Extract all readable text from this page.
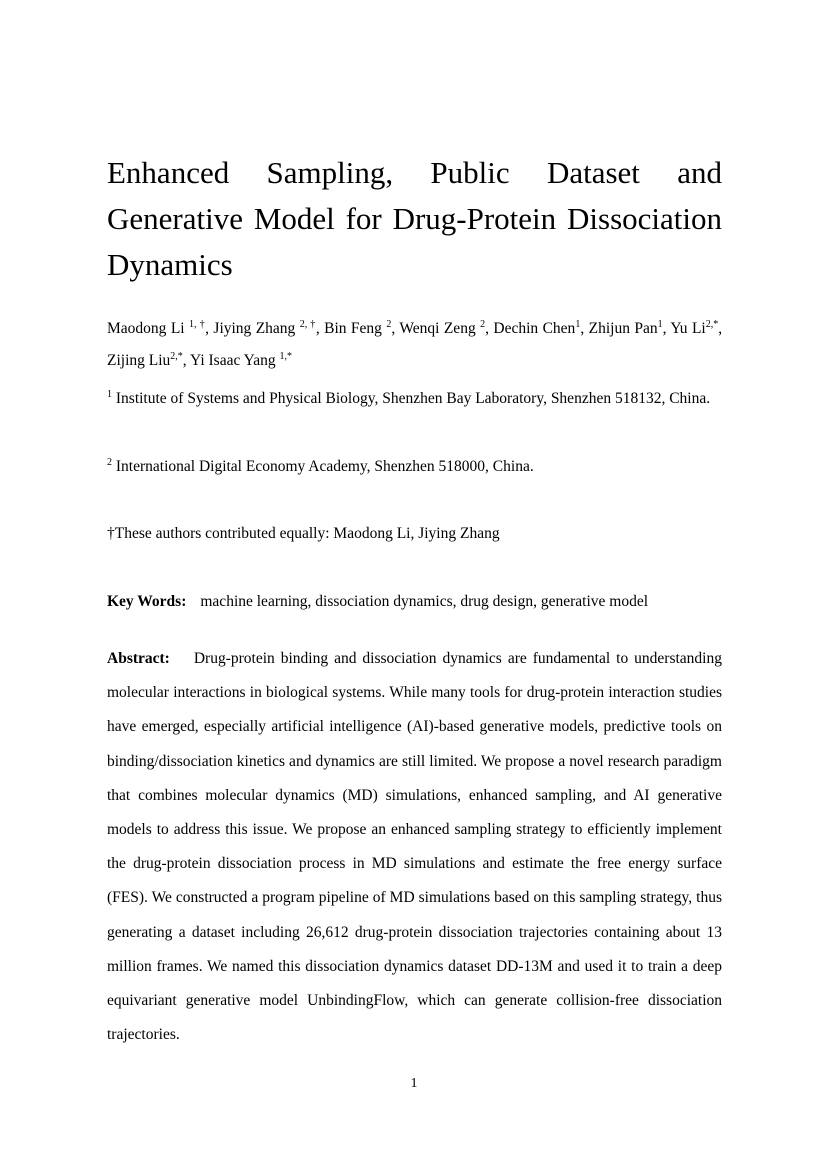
Enhanced Sampling, Public Dataset and Generative Model for Drug-Protein Dissociation Dynamics

Maodong Li $^{1, \dagger}$, Jiying Zhang $^{2, \dagger}$, Bin Feng $^2$, Wenqi Zeng $^2$, Dechin Chen$^1$, Zhijun Pan$^1$, Yu $Li^{2,*}$, Zijing Liu$^{2,*}$, Yi Isaac Yang $^{1,*}$

$^1$ Institute of Systems and Physical Biology, Shenzhen Bay Laboratory, Shenzhen 518132, China.

$^2$ International Digital Economy Academy, Shenzhen 518000, China.

†These authors contributed equally: Maodong Li, Jiying Zhang

Key Words: machine learning, dissociation dynamics, drug design, generative model

Abstract: Drug-protein binding and dissociation dynamics are fundamental to understanding molecular interactions in biological systems. While many tools for drug-protein interaction studies have emerged, especially artificial intelligence (AI)-based generative models, predictive tools on binding/dissociation kinetics and dynamics are still limited. We propose a novel research paradigm that combines molecular dynamics (MD) simulations, enhanced sampling, and AI generative models to address this issue. We propose an enhanced sampling strategy to efficiently implement the drug-protein dissociation process in MD simulations and estimate the free energy surface (FES). We constructed a program pipeline of MD simulations based on this sampling strategy, thus generating a dataset including 26,612 drug-protein dissociation trajectories containing about 13 million frames. We named this dissociation dynamics dataset DD-13M and used it to train a deep equivariant generative model UnbindingFlow, which can generate collision-free dissociation trajectories.

1
